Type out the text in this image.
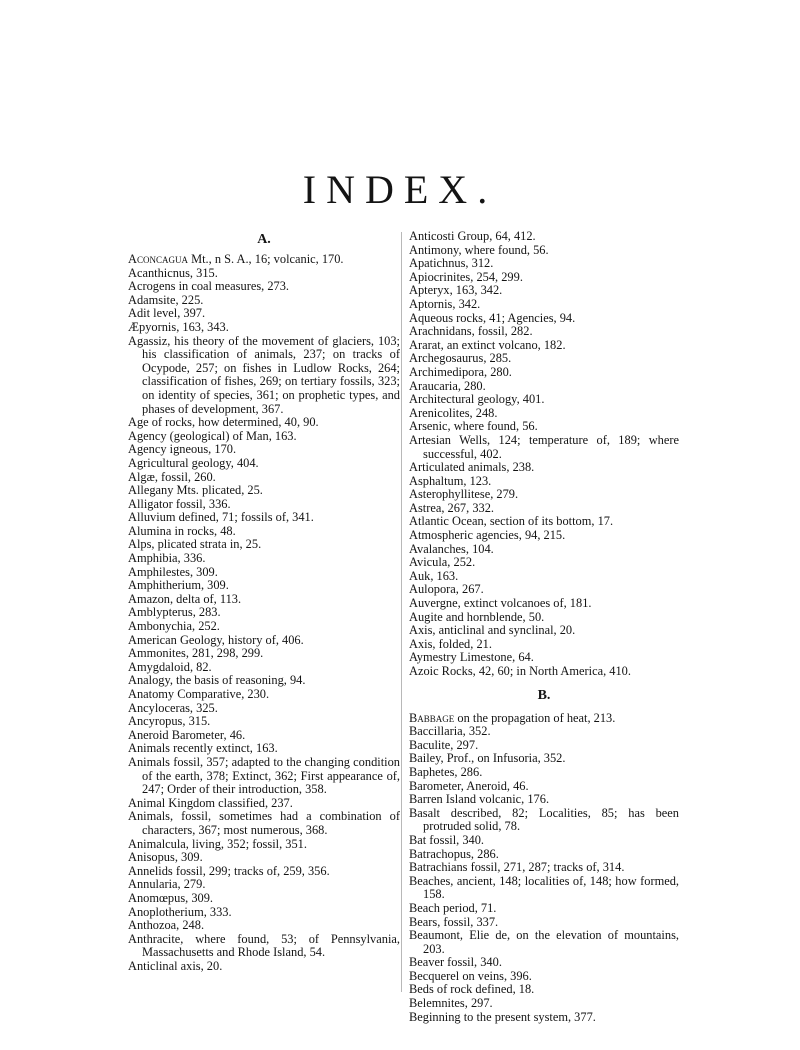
INDEX.
A.
Aconcagua Mt., n S. A., 16; volcanic, 170.
Acanthicnus, 315.
Acrogens in coal measures, 273.
Adamsite, 225.
Adit level, 397.
Æpyornis, 163, 343.
Agassiz, his theory of the movement of glaciers, 103; his classification of animals, 237; on tracks of Ocypode, 257; on fishes in Ludlow Rocks, 264; classification of fishes, 269; on tertiary fossils, 323; on identity of species, 361; on prophetic types, and phases of development, 367.
Age of rocks, how determined, 40, 90.
Agency (geological) of Man, 163.
Agency igneous, 170.
Agricultural geology, 404.
Algæ, fossil, 260.
Allegany Mts. plicated, 25.
Alligator fossil, 336.
Alluvium defined, 71; fossils of, 341.
Alumina in rocks, 48.
Alps, plicated strata in, 25.
Amphibia, 336.
Amphilestes, 309.
Amphitherium, 309.
Amazon, delta of, 113.
Amblypterus, 283.
Ambonychia, 252.
American Geology, history of, 406.
Ammonites, 281, 298, 299.
Amygdaloid, 82.
Analogy, the basis of reasoning, 94.
Anatomy Comparative, 230.
Ancyloceras, 325.
Ancyropus, 315.
Aneroid Barometer, 46.
Animals recently extinct, 163.
Animals fossil, 357; adapted to the changing condition of the earth, 378; Extinct, 362; First appearance of, 247; Order of their introduction, 358.
Animal Kingdom classified, 237.
Animals, fossil, sometimes had a combination of characters, 367; most numerous, 368.
Animalcula, living, 352; fossil, 351.
Anisopus, 309.
Annelids fossil, 299; tracks of, 259, 356.
Annularia, 279.
Anomœpus, 309.
Anoplotherium, 333.
Anthozoa, 248.
Anthracite, where found, 53; of Pennsylvania, Massachusetts and Rhode Island, 54.
Anticlinal axis, 20.
Anticosti Group, 64, 412.
Antimony, where found, 56.
Apatichnus, 312.
Apiocrinites, 254, 299.
Apteryx, 163, 342.
Aptornis, 342.
Aqueous rocks, 41; Agencies, 94.
Arachnidans, fossil, 282.
Ararat, an extinct volcano, 182.
Archegosaurus, 285.
Archimedipora, 280.
Araucaria, 280.
Architectural geology, 401.
Arenicolites, 248.
Arsenic, where found, 56.
Artesian Wells, 124; temperature of, 189; where successful, 402.
Articulated animals, 238.
Asphaltum, 123.
Asterophyllitese, 279.
Astrea, 267, 332.
Atlantic Ocean, section of its bottom, 17.
Atmospheric agencies, 94, 215.
Avalanches, 104.
Avicula, 252.
Auk, 163.
Aulopora, 267.
Auvergne, extinct volcanoes of, 181.
Augite and hornblende, 50.
Axis, anticlinal and synclinal, 20.
Axis, folded, 21.
Aymestry Limestone, 64.
Azoic Rocks, 42, 60; in North America, 410.
B.
Babbage on the propagation of heat, 213.
Baccillaria, 352.
Baculite, 297.
Bailey, Prof., on Infusoria, 352.
Baphetes, 286.
Barometer, Aneroid, 46.
Barren Island volcanic, 176.
Basalt described, 82; Localities, 85; has been protruded solid, 78.
Bat fossil, 340.
Batrachopus, 286.
Batrachians fossil, 271, 287; tracks of, 314.
Beaches, ancient, 148; localities of, 148; how formed, 158.
Beach period, 71.
Bears, fossil, 337.
Beaumont, Elie de, on the elevation of mountains, 203.
Beaver fossil, 340.
Becquerel on veins, 396.
Beds of rock defined, 18.
Belemnites, 297.
Beginning to the present system, 377.
